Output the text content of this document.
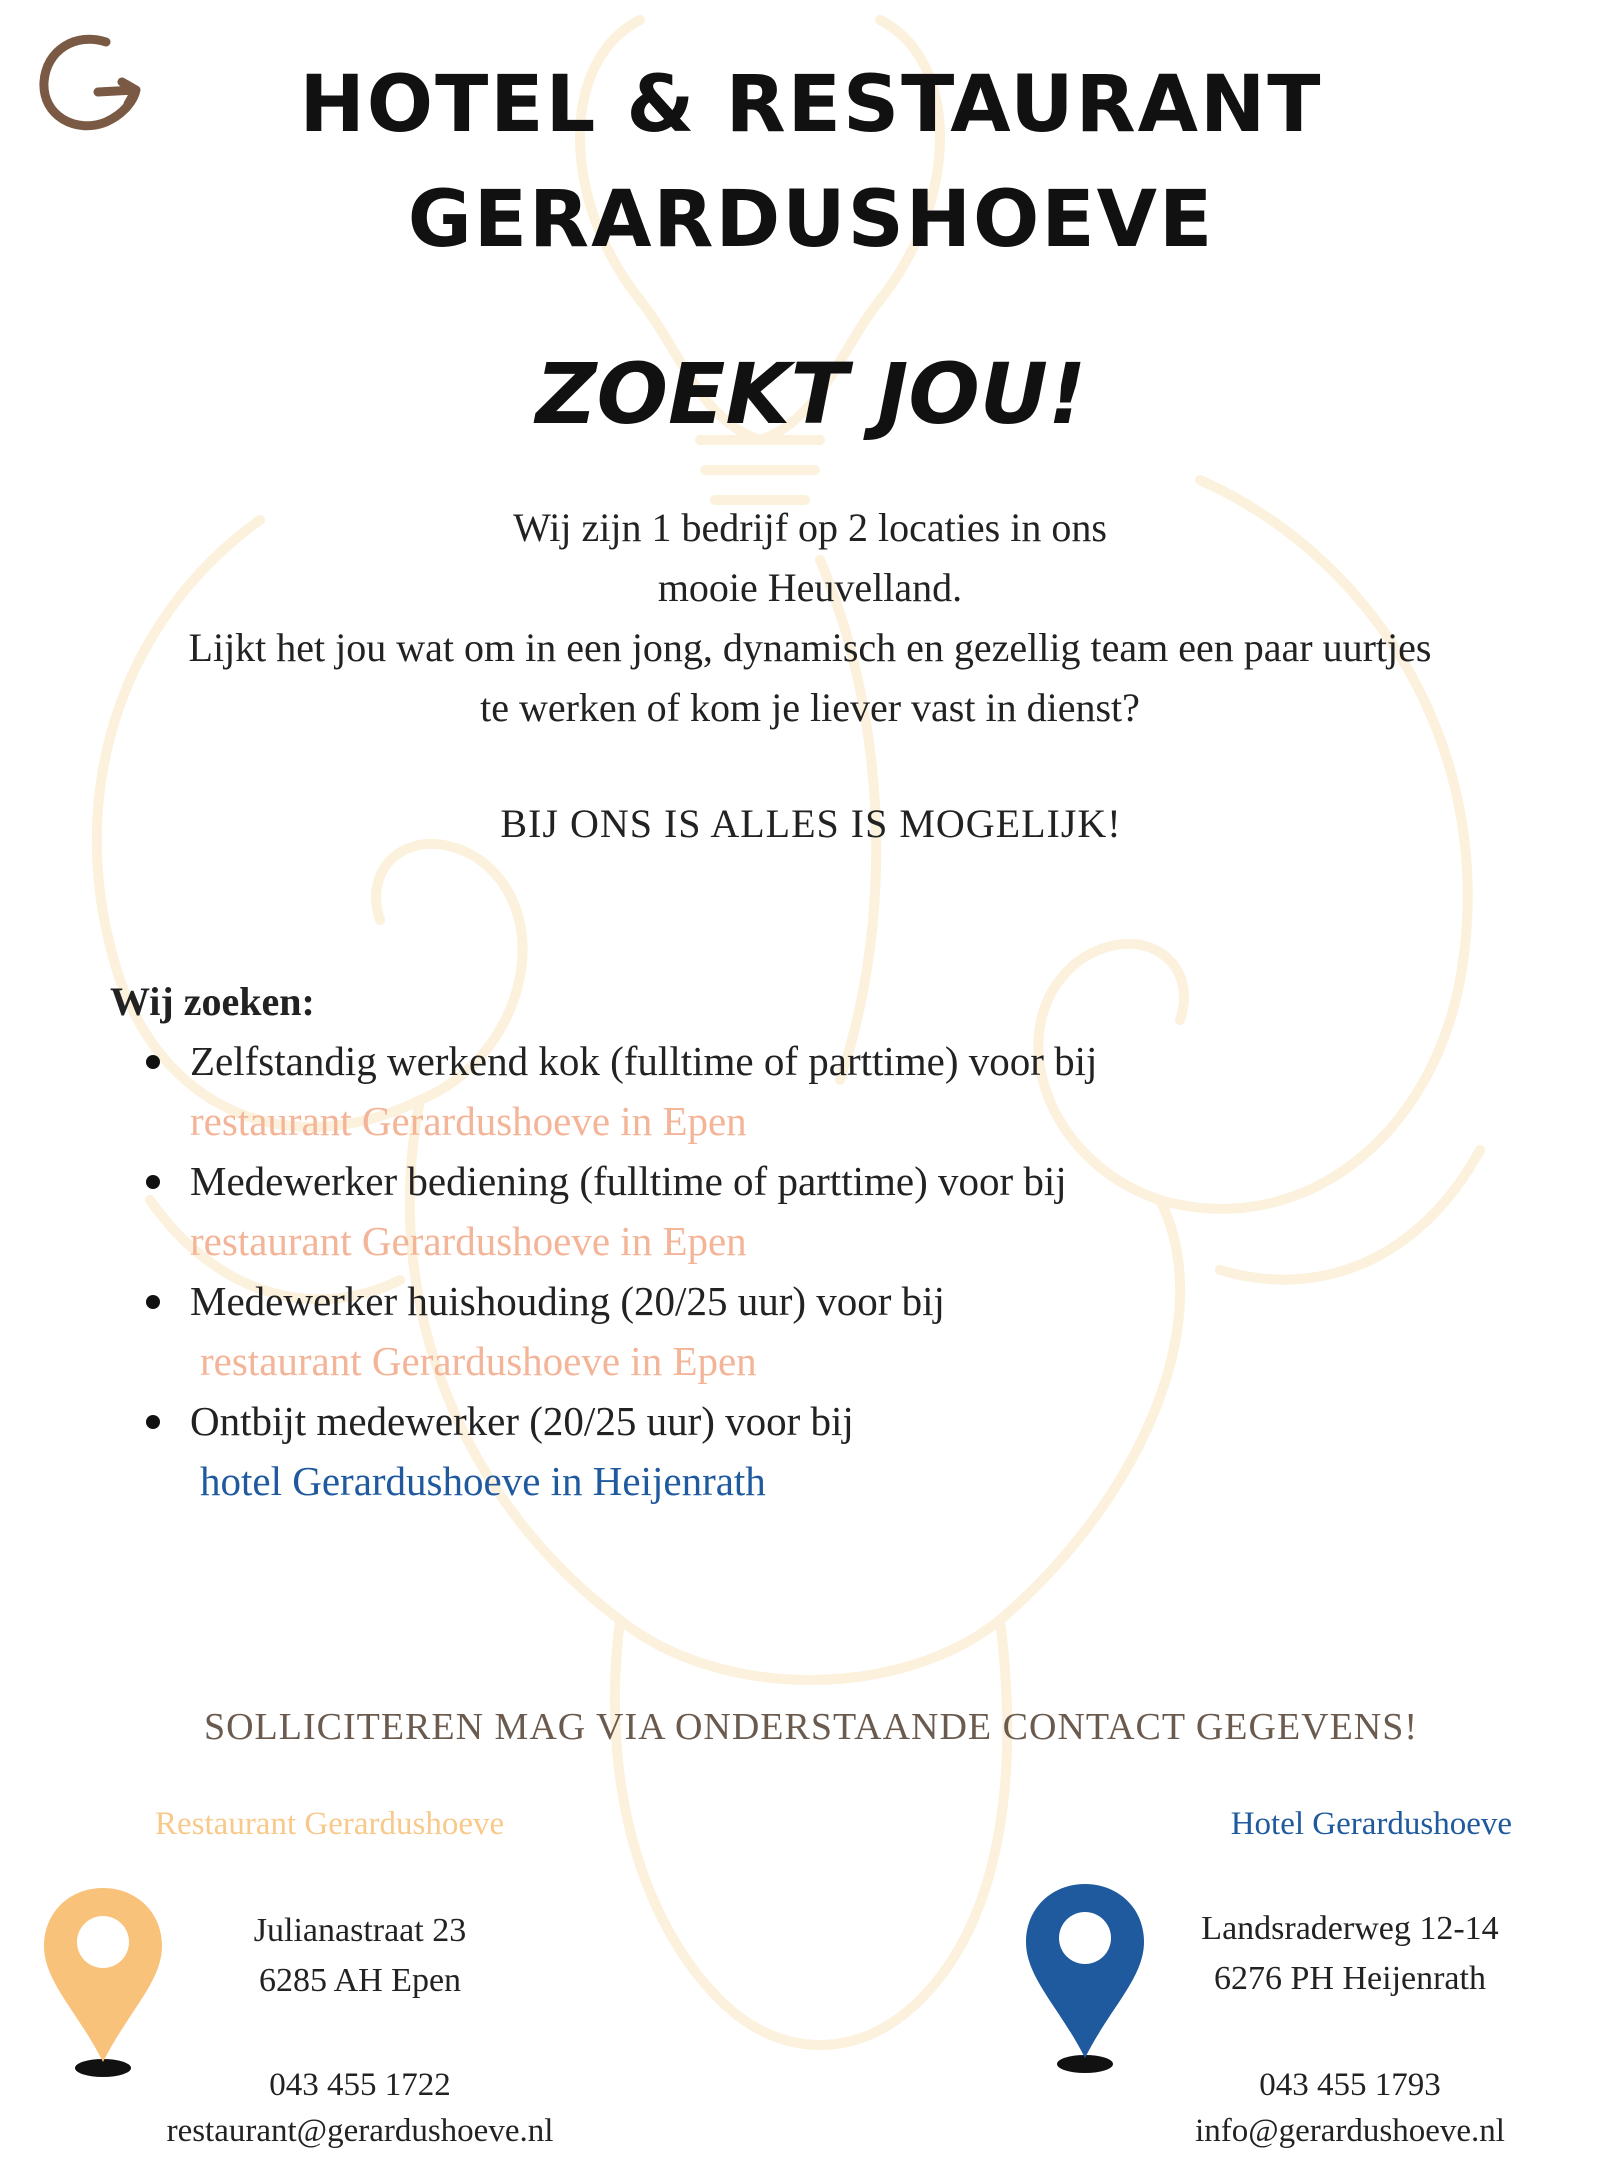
HOTEL & RESTAURANT
GERARDUSHOEVE
ZOEKT JOU!
Wij zijn 1 bedrijf op 2 locaties in ons
mooie Heuvelland.
Lijkt het jou wat om in een jong, dynamisch en gezellig team een paar uurtjes
te werken of kom je liever vast in dienst?
BIJ ONS IS ALLES IS MOGELIJK!
Wij zoeken:
Zelfstandig werkend kok (fulltime of parttime) voor bij
restaurant Gerardushoeve in Epen
Medewerker bediening (fulltime of parttime) voor bij
restaurant Gerardushoeve in Epen
Medewerker huishouding (20/25 uur) voor bij
restaurant Gerardushoeve in Epen
Ontbijt medewerker (20/25 uur) voor bij
hotel Gerardushoeve in Heijenrath
SOLLICITEREN MAG VIA ONDERSTAANDE CONTACT GEGEVENS!
Restaurant Gerardushoeve
Julianastraat 23
6285 AH Epen
043 455 1722
restaurant@gerardushoeve.nl
Hotel Gerardushoeve
Landsraderweg 12-14
6276 PH Heijenrath
043 455 1793
info@gerardushoeve.nl
